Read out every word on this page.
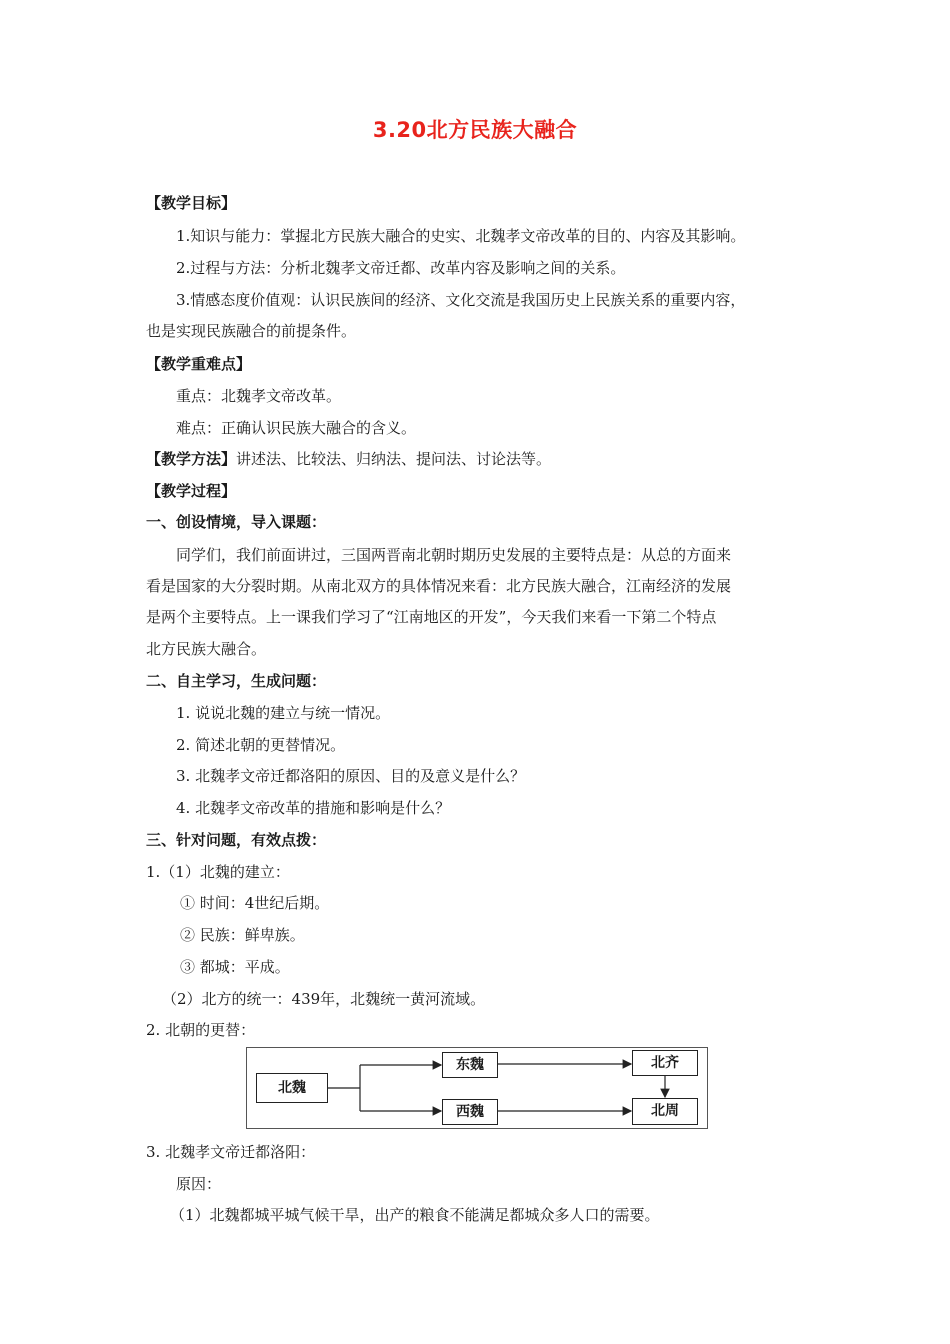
3.20北方民族大融合
【教学目标】
1.知识与能力：掌握北方民族大融合的史实、北魏孝文帝改革的目的、内容及其影响。
2.过程与方法：分析北魏孝文帝迁都、改革内容及影响之间的关系。
3.情感态度价值观：认识民族间的经济、文化交流是我国历史上民族关系的重要内容，
也是实现民族融合的前提条件。
【教学重难点】
重点：北魏孝文帝改革。
难点：正确认识民族大融合的含义。
【教学方法】讲述法、比较法、归纳法、提问法、讨论法等。
【教学过程】
一、创设情境，导入课题：
同学们，我们前面讲过，三国两晋南北朝时期历史发展的主要特点是：从总的方面来
看是国家的大分裂时期。从南北双方的具体情况来看：北方民族大融合，江南经济的发展
是两个主要特点。上一课我们学习了“江南地区的开发”，今天我们来看一下第二个特点
北方民族大融合。
二、自主学习，生成问题：
1. 说说北魏的建立与统一情况。
2. 简述北朝的更替情况。
3. 北魏孝文帝迁都洛阳的原因、目的及意义是什么？
4. 北魏孝文帝改革的措施和影响是什么？
三、针对问题，有效点拨：
1.（1）北魏的建立：
① 时间：4世纪后期。
② 民族：鲜卑族。
③ 都城：平成。
（2）北方的统一：439年，北魏统一黄河流域。
2. 北朝的更替：
北魏
东魏
西魏
北齐
北周
3. 北魏孝文帝迁都洛阳：
原因：
（1）北魏都城平城气候干旱，出产的粮食不能满足都城众多人口的需要。
